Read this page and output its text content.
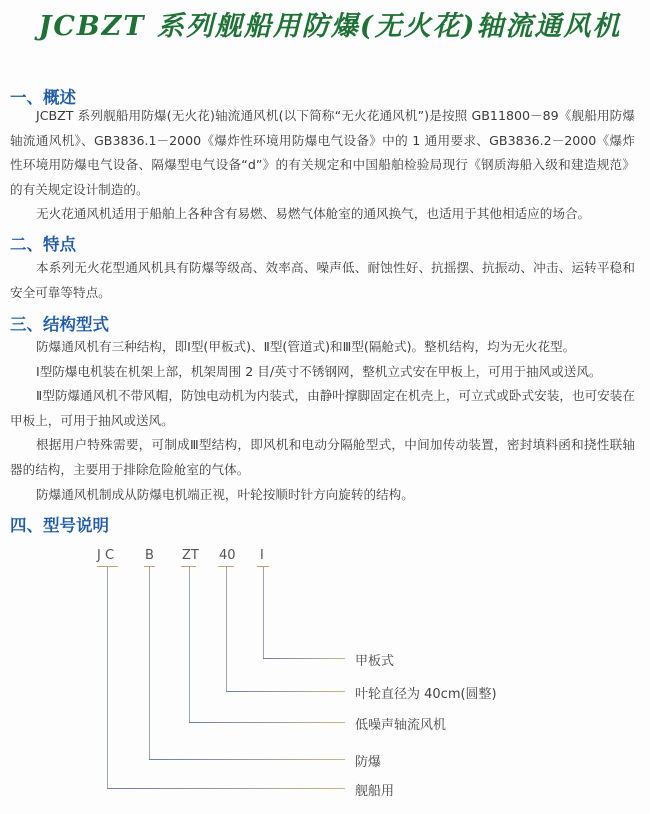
JCBZT 系列舰船用防爆(无火花)轴流通风机
一、概述

JCBZT 系列舰船用防爆(无火花)轴流通风机(以下简称“无火花通风机”)是按照 GB11800－89《舰船用防爆轴流通风机》、GB3836.1－2000《爆炸性环境用防爆电气设备》中的 1 通用要求、GB3836.2－2000《爆炸性环境用防爆电气设备、隔爆型电气设备“d”》的有关规定和中国船舶检验局现行《钢质海船入级和建造规范》的有关规定设计制造的。

无火花通风机适用于船舶上各种含有易燃、易燃气体舱室的通风换气，也适用于其他相适应的场合。

二、特点

本系列无火花型通风机具有防爆等级高、效率高、噪声低、耐蚀性好、抗摇摆、抗振动、冲击、运转平稳和安全可靠等特点。

三、结构型式

防爆通风机有三种结构，即Ⅰ型(甲板式)、Ⅱ型(管道式)和Ⅲ型(隔舱式)。整机结构，均为无火花型。

Ⅰ型防爆电机装在机架上部，机架周围 2 目/英寸不锈钢网，整机立式安在甲板上，可用于抽风或送风。

Ⅱ型防爆通风机不带风帽，防蚀电动机为内装式，由静叶撑脚固定在机壳上，可立式或卧式安装，也可安装在甲板上，可用于抽风或送风。

根据用户特殊需要，可制成Ⅲ型结构，即风机和电动分隔舱型式，中间加传动装置，密封填料函和挠性联轴器的结构，主要用于排除危险舱室的气体。

防爆通风机制成从防爆电机端正视，叶轮按顺时针方向旋转的结构。

四、型号说明
J C B ZT 40 I
甲板式
叶轮直径为 40cm(圆整)
低噪声轴流风机
防爆
舰船用
